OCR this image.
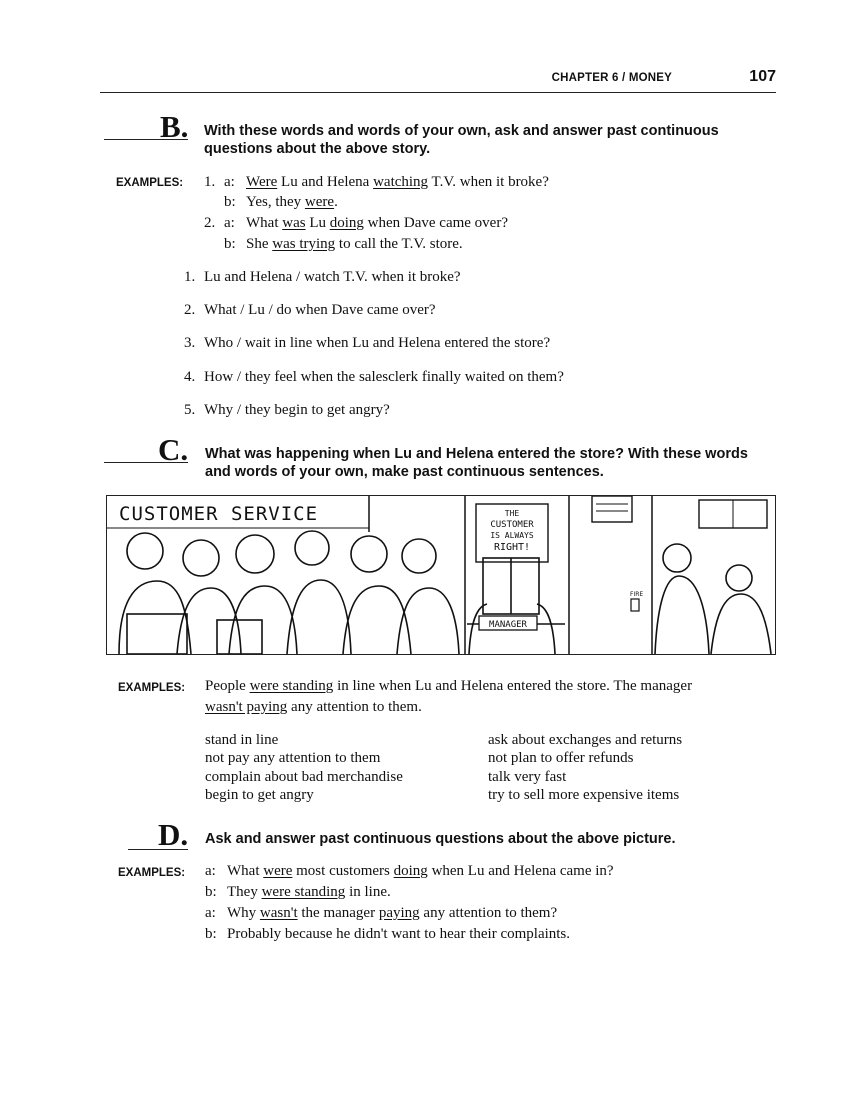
CHAPTER 6 / MONEY	107
B. With these words and words of your own, ask and answer past continuous
questions about the above story.
EXAMPLES: 1. a: Were Lu and Helena watching T.V. when it broke?
b: Yes, they were.
2. a: What was Lu doing when Dave came over?
b: She was trying to call the T.V. store.
1. Lu and Helena / watch T.V. when it broke?
2. What / Lu / do when Dave came over?
3. Who / wait in line when Lu and Helena entered the store?
4. How / they feel when the salesclerk finally waited on them?
5. Why / they begin to get angry?
C. What was happening when Lu and Helena entered the store? With these words
and words of your own, make past continuous sentences.
CUSTOMER SERVICE	THE
CUSTOMER
IS ALWAYS
RIGHT!
MANAGER
FIRE
EXAMPLES: People were standing in line when Lu and Helena entered the store. The manager
wasn't paying any attention to them.
stand in line
not pay any attention to them
complain about bad merchandise
begin to get angry
ask about exchanges and returns
not plan to offer refunds
talk very fast
try to sell more expensive items
D. Ask and answer past continuous questions about the above picture.
EXAMPLES: a: What were most customers doing when Lu and Helena came in?
b: They were standing in line.
a: Why wasn't the manager paying any attention to them?
b: Probably because he didn't want to hear their complaints.
